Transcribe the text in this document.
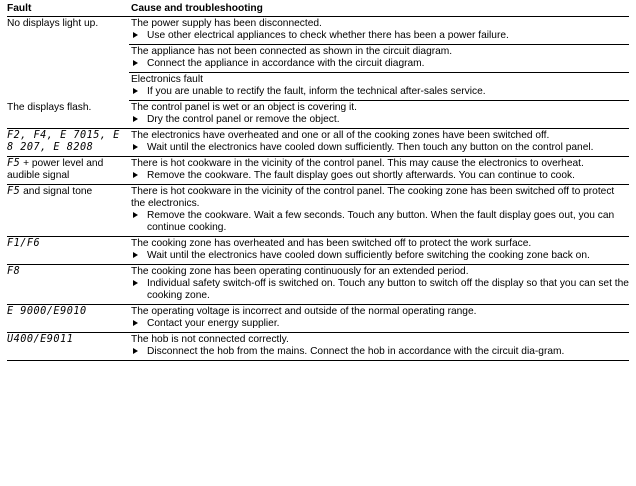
Fault	Cause and troubleshooting
No displays light up.	The power supply has been disconnected.
Use other electrical appliances to check whether there has been a power failure.

	The appliance has not been connected as shown in the circuit diagram.
Connect the appliance in accordance with the circuit diagram.

	Electronics fault
If you are unable to rectify the fault, inform the technical after-sales service.

The displays flash.	The control panel is wet or an object is covering it.
Dry the control panel or remove the object.

F2, F4, E 7015, E 8 207, E 8208	The electronics have overheated and one or all of the cooking zones have been switched off.
Wait until the electronics have cooled down sufficiently. Then touch any button on the control panel.

F5 + power level and audible signal	There is hot cookware in the vicinity of the control panel. This may cause the electronics to overheat.
Remove the cookware. The fault display goes out shortly afterwards. You can continue to cook.

F5 and signal tone	There is hot cookware in the vicinity of the control panel. The cooking zone has been switched off to protect the electronics.
Remove the cookware. Wait a few seconds. Touch any button. When the fault display goes out, you can continue cooking.

F1/F6	The cooking zone has overheated and has been switched off to protect the work surface.
Wait until the electronics have cooled down sufficiently before switching the cooking zone back on.

F8	The cooking zone has been operating continuously for an extended period.
Individual safety switch-off is switched on. Touch any button to switch off the display so that you can set the cooking zone.

E 9000/E9010	The operating voltage is incorrect and outside of the normal operating range.
Contact your energy supplier.

U400/E9011	The hob is not connected correctly.
Disconnect the hob from the mains. Connect the hob in accordance with the circuit dia-gram.
